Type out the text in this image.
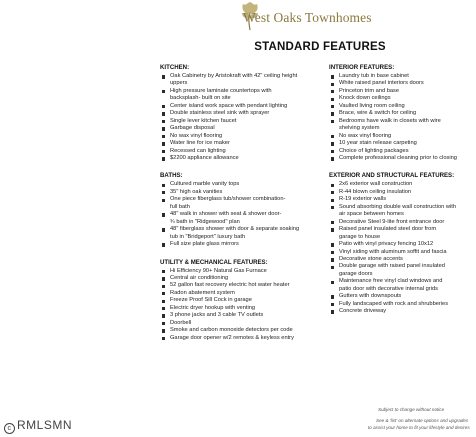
West Oaks Townhomes
STANDARD FEATURES
KITCHEN:
Oak Cabinetry by Aristokraft with 42" ceiling height
uppers
High pressure laminate countertops with
backsplash- built on site
Center island work space with pendant lighting
Double stainless steel sink with sprayer
Single lever kitchen faucet
Garbage disposal
No wax vinyl flooring
Water line for ice maker
Recessed can lighting
$2200 appliance allowance
BATHS:
Cultured marble vanity tops
35" high oak vanities
One piece fiberglass tub/shower combination-
full bath
48" walk in shower with seat & shower door-
¾ bath in "Ridgewood" plan
48" fiberglass shower with door & separate soaking
tub in "Bridgeport" luxury bath
Full size plate glass mirrors
UTILITY & MECHANICAL FEATURES:
Hi Efficiency 90+ Natural Gas Furnace
Central air conditioning
52 gallon fast recovery electric hot water heater
Radon abatement system
Freeze Proof Sill Cock in garage
Electric dryer hookup with venting
3 phone jacks and 3 cable TV outlets
Doorbell
Smoke and carbon monoxide detectors per code
Garage door opener w/2 remotes & keyless entry
INTERIOR FEATURES:
Laundry tub in base cabinet
White raised panel interiors doors
Princeton trim and base
Knock down ceilings
Vaulted living room ceiling
Brace, wire & switch for ceiling
Bedrooms have walk in closets with wire
shelving system
No wax vinyl flooring
10 year stain release carpeting
Choice of lighting packages
Complete professional cleaning prior to closing
EXTERIOR AND STRUCTURAL FEATURES:
2x6 exterior wall construction
R-44 blown ceiling insulation
R-19 exterior walls
Sound absorbing double wall construction with
air space between homes
Decorative Steel 9-lite front entrance door
Raised panel insulated steel door from
garage to house
Patio with vinyl privacy fencing 10x12
Vinyl siding with aluminum soffit and fascia
Decorative stone accents
Double garage with raised panel insulated
garage doors
Maintenance free vinyl clad windows and
patio door with decorative internal grids
Gutters with downspouts
Fully landscaped with rock and shrubberies
Concrete driveway
Subject to change without notice
See & 'list' on alternate options and upgrades
to assist your home to fit your lifestyle and desires
c RMLSMN
